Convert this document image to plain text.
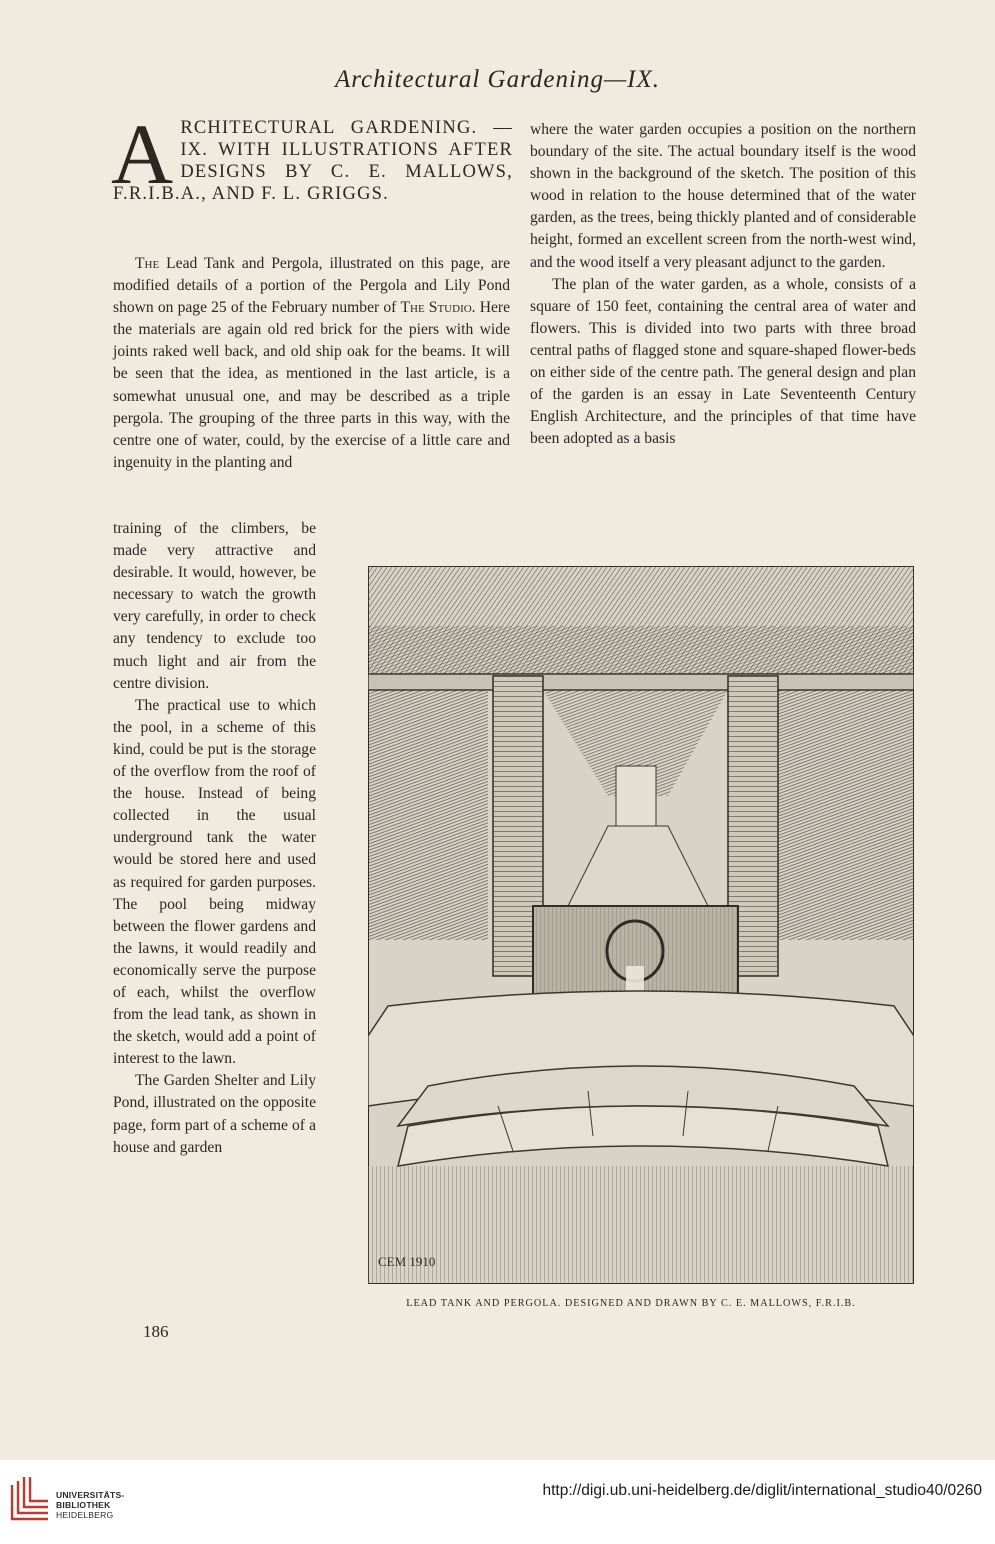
Architectural Gardening—IX.
ARCHITECTURAL GARDENING. —IX. WITH ILLUSTRATIONS AFTER DESIGNS BY C. E. MALLOWS, F.R.I.B.A., AND F. L. GRIGGS.

The Lead Tank and Pergola, illustrated on this page, are modified details of a portion of the Pergola and Lily Pond shown on page 25 of the February number of The Studio. Here the materials are again old red brick for the piers with wide joints raked well back, and old ship oak for the beams. It will be seen that the idea, as mentioned in the last article, is a somewhat unusual one, and may be described as a triple pergola. The grouping of the three parts in this way, with the centre one of water, could, by the exercise of a little care and ingenuity in the planting and

training of the climbers, be made very attractive and desirable. It would, however, be necessary to watch the growth very carefully, in order to check any tendency to exclude too much light and air from the centre division.

The practical use to which the pool, in a scheme of this kind, could be put is the storage of the overflow from the roof of the house. Instead of being collected in the usual underground tank the water would be stored here and used as required for garden purposes. The pool being midway between the flower gardens and the lawns, it would readily and economically serve the purpose of each, whilst the overflow from the lead tank, as shown in the sketch, would add a point of interest to the lawn.

The Garden Shelter and Lily Pond, illustrated on the opposite page, form part of a scheme of a house and garden

where the water garden occupies a position on the northern boundary of the site. The actual boundary itself is the wood shown in the background of the sketch. The position of this wood in relation to the house determined that of the water garden, as the trees, being thickly planted and of considerable height, formed an excellent screen from the north-west wind, and the wood itself a very pleasant adjunct to the garden.

The plan of the water garden, as a whole, consists of a square of 150 feet, containing the central area of water and flowers. This is divided into two parts with three broad central paths of flagged stone and square-shaped flower-beds on either side of the centre path. The general design and plan of the garden is an essay in Late Seventeenth Century English Architecture, and the principles of that time have been adopted as a basis

CEM 1910
LEAD TANK AND PERGOLA. DESIGNED AND DRAWN BY C. E. MALLOWS, F.R.I.B.
186
UNIVERSITÄTS-
BIBLIOTHEK
HEIDELBERG
http://digi.ub.uni-heidelberg.de/diglit/international_studio40/0260
